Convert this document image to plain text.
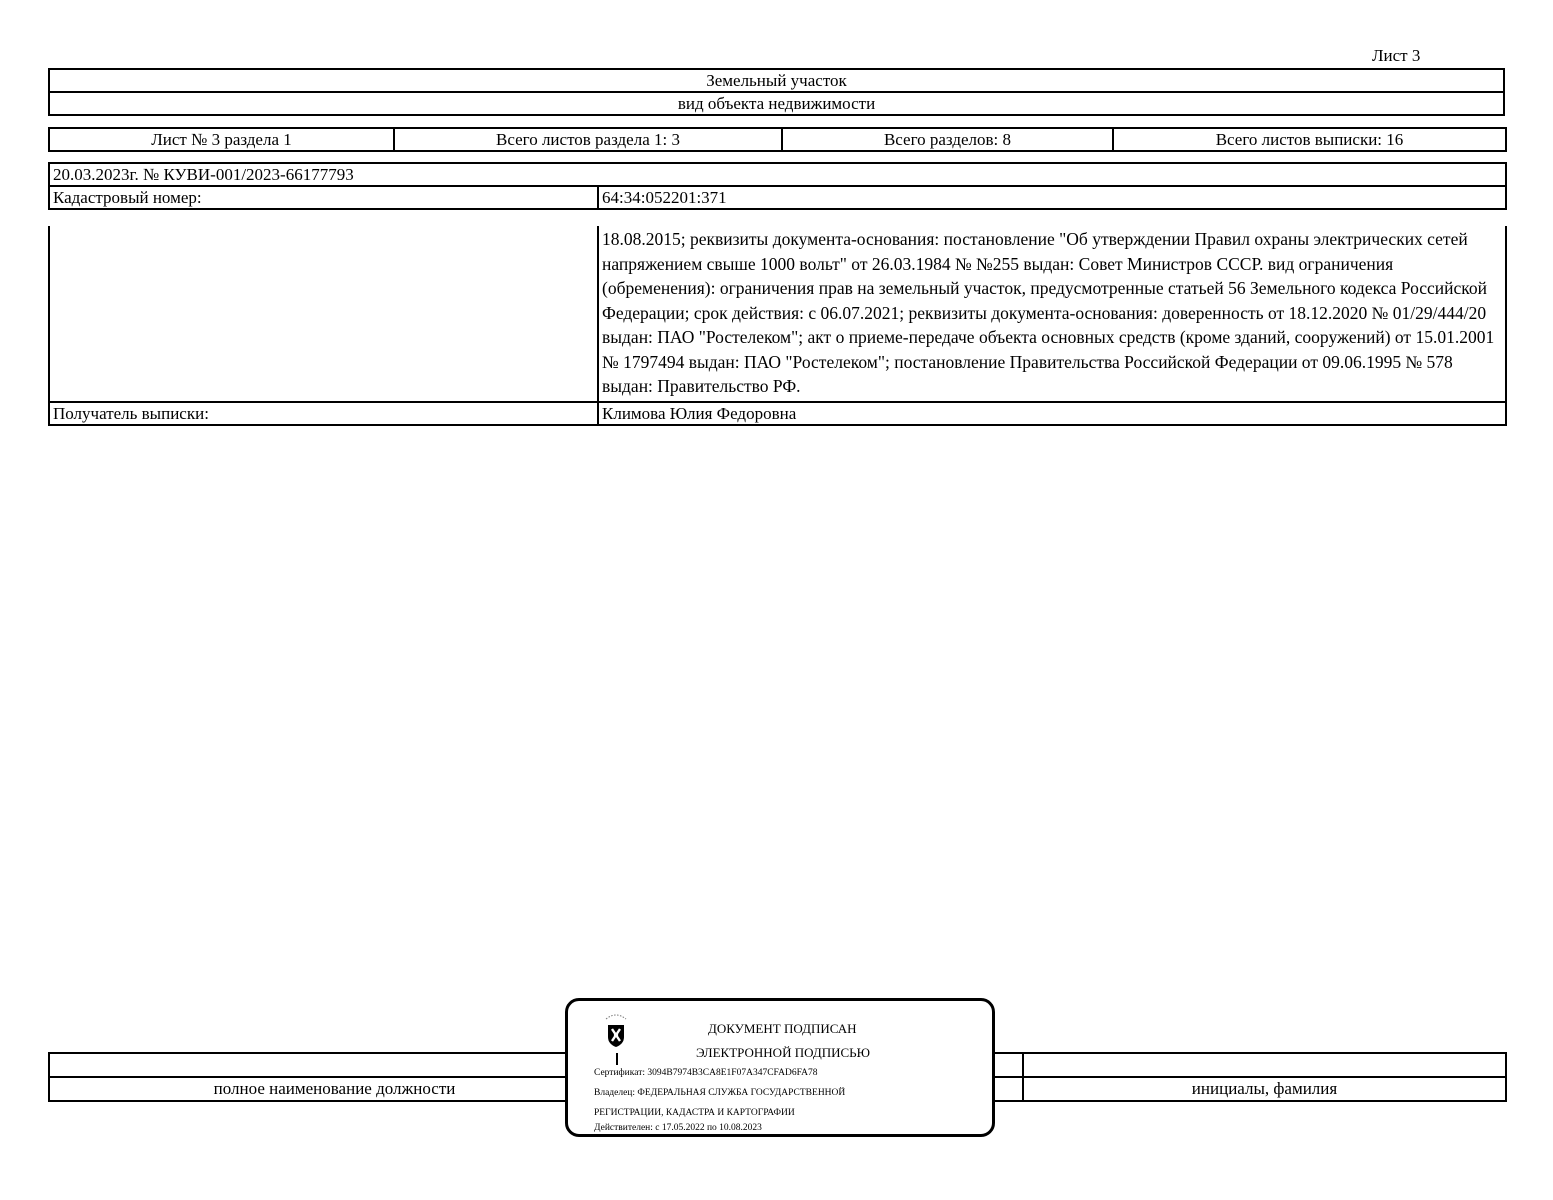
Лист 3
Земельный участок
вид объекта недвижимости
Лист № 3 раздела 1	Всего листов раздела 1: 3	Всего разделов: 8	Всего листов выписки: 16
20.03.2023г. № КУВИ-001/2023-66177793
Кадастровый номер:	64:34:052201:371
	18.08.2015; реквизиты документа-основания: постановление "Об утверждении Правил охраны электрических сетей напряжением свыше 1000 вольт" от 26.03.1984 № №255 выдан: Совет Министров СССР. вид ограничения (обременения): ограничения прав на земельный участок, предусмотренные статьей 56 Земельного кодекса Российской Федерации; срок действия: с 06.07.2021; реквизиты документа-основания: доверенность от 18.12.2020 № 01/29/444/20 выдан: ПАО "Ростелеком"; акт о приеме-передаче объекта основных средств (кроме зданий, сооружений) от 15.01.2001 № 1797494 выдан: ПАО "Ростелеком"; постановление Правительства Российской Федерации от 09.06.1995 № 578 выдан: Правительство РФ.
Получатель выписки:	Климова Юлия Федоровна

полное наименование должности		инициалы, фамилия
ДОКУМЕНТ ПОДПИСАН
ЭЛЕКТРОННОЙ ПОДПИСЬЮ
Сертификат: 3094B7974B3CA8E1F07A347CFAD6FA78
Владелец: ФЕДЕРАЛЬНАЯ СЛУЖБА ГОСУДАРСТВЕННОЙ
РЕГИСТРАЦИИ, КАДАСТРА И КАРТОГРАФИИ
Действителен: с 17.05.2022 по 10.08.2023
